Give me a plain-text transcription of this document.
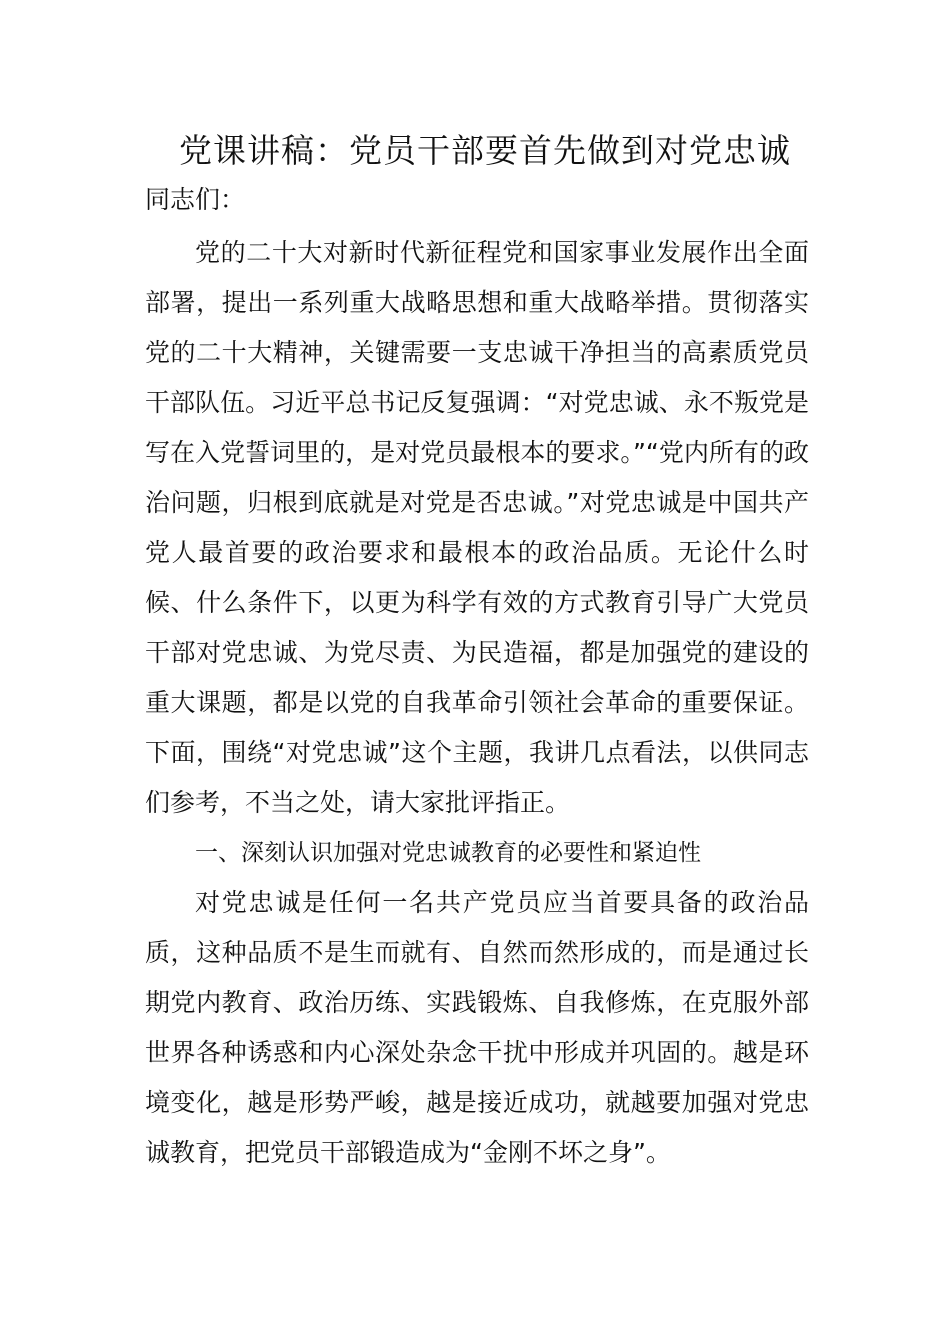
党课讲稿：党员干部要首先做到对党忠诚
同志们：

党的二十大对新时代新征程党和国家事业发展作出全面部署，提出一系列重大战略思想和重大战略举措。贯彻落实党的二十大精神，关键需要一支忠诚干净担当的高素质党员干部队伍。习近平总书记反复强调：“对党忠诚、永不叛党是写在入党誓词里的，是对党员最根本的要求。”“党内所有的政治问题，归根到底就是对党是否忠诚。”对党忠诚是中国共产党人最首要的政治要求和最根本的政治品质。无论什么时候、什么条件下，以更为科学有效的方式教育引导广大党员干部对党忠诚、为党尽责、为民造福，都是加强党的建设的重大课题，都是以党的自我革命引领社会革命的重要保证。下面，围绕“对党忠诚”这个主题，我讲几点看法，以供同志们参考，不当之处，请大家批评指正。

一、深刻认识加强对党忠诚教育的必要性和紧迫性

对党忠诚是任何一名共产党员应当首要具备的政治品质，这种品质不是生而就有、自然而然形成的，而是通过长期党内教育、政治历练、实践锻炼、自我修炼，在克服外部世界各种诱惑和内心深处杂念干扰中形成并巩固的。越是环境变化，越是形势严峻，越是接近成功，就越要加强对党忠诚教育，把党员干部锻造成为“金刚不坏之身”。
